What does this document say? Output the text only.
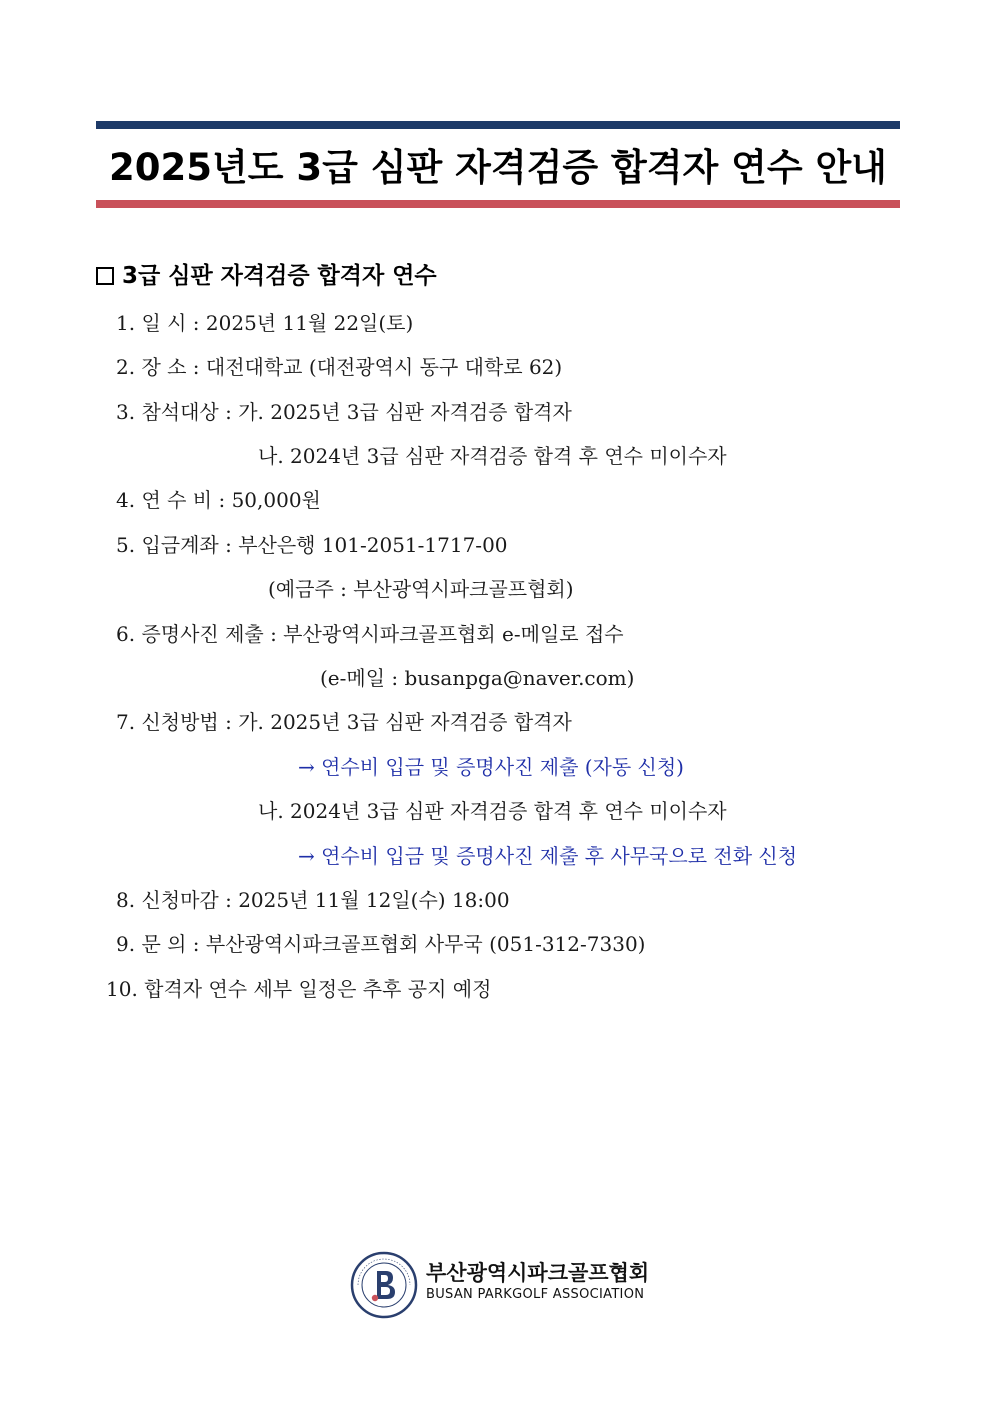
2025년도 3급 심판 자격검증 합격자 연수 안내
3급 심판 자격검증 합격자 연수
1. 일 시 : 2025년 11월 22일(토)
2. 장 소 : 대전대학교 (대전광역시 동구 대학로 62)
3. 참석대상 : 가. 2025년 3급 심판 자격검증 합격자
나. 2024년 3급 심판 자격검증 합격 후 연수 미이수자
4. 연 수 비 : 50,000원
5. 입금계좌 : 부산은행 101-2051-1717-00
(예금주 : 부산광역시파크골프협회)
6. 증명사진 제출 : 부산광역시파크골프협회 e-메일로 접수
(e-메일 : busanpga@naver.com)
7. 신청방법 : 가. 2025년 3급 심판 자격검증 합격자
→ 연수비 입금 및 증명사진 제출 (자동 신청)
나. 2024년 3급 심판 자격검증 합격 후 연수 미이수자
→ 연수비 입금 및 증명사진 제출 후 사무국으로 전화 신청
8. 신청마감 : 2025년 11월 12일(수) 18:00
9. 문 의 : 부산광역시파크골프협회 사무국 (051-312-7330)
10. 합격자 연수 세부 일정은 추후 공지 예정
부산광역시파크골프협회
BUSAN PARKGOLF ASSOCIATION
